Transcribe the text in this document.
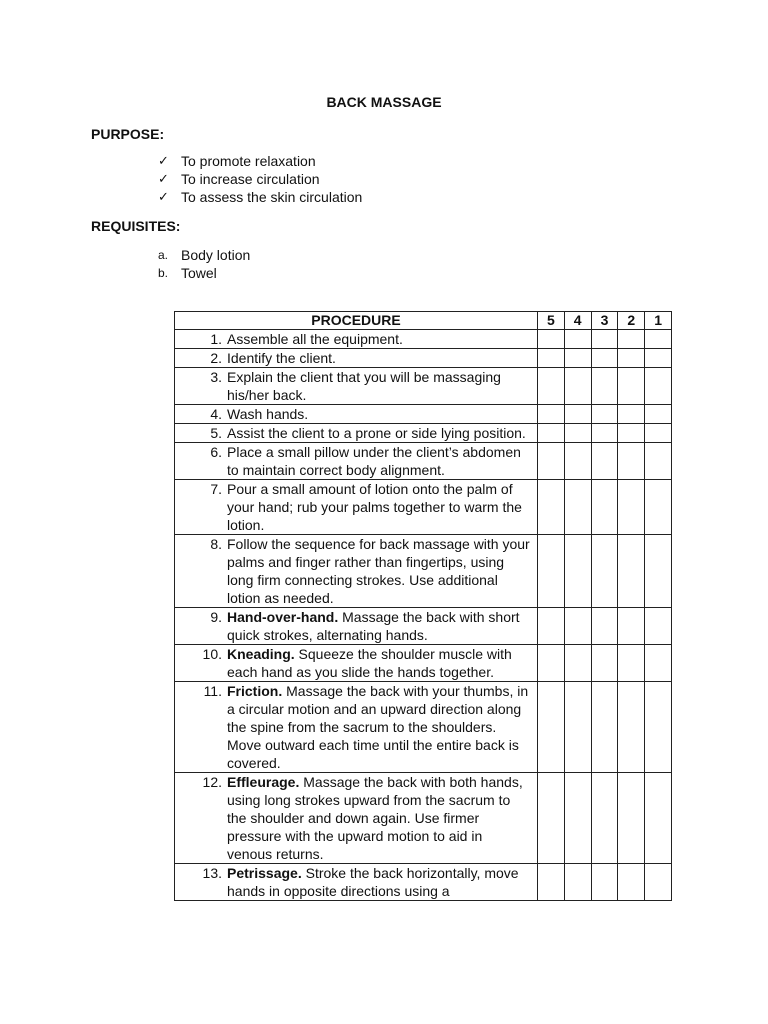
BACK MASSAGE
PURPOSE:
✓ To promote relaxation
✓ To increase circulation
✓ To assess the skin circulation
REQUISITES:
a. Body lotion
b. Towel
PROCEDURE	5	4	3	2	1

1. Assemble all the equipment.					

2. Identify the client.					

3. Explain the client that you will be massaging his/her back.					

4. Wash hands.					

5. Assist the client to a prone or side lying position.					

6. Place a small pillow under the client’s abdomen to maintain correct body alignment.					

7. Pour a small amount of lotion onto the palm of your hand; rub your palms together to warm the lotion.					

8. Follow the sequence for back massage with your palms and finger rather than fingertips, using long firm connecting strokes. Use additional lotion as needed.					

9. Hand-over-hand. Massage the back with short quick strokes, alternating hands.					

10. Kneading. Squeeze the shoulder muscle with each hand as you slide the hands together.					

11. Friction. Massage the back with your thumbs, in a circular motion and an upward direction along the spine from the sacrum to the shoulders. Move outward each time until the entire back is covered.					

12. Effleurage. Massage the back with both hands, using long strokes upward from the sacrum to the shoulder and down again. Use firmer pressure with the upward motion to aid in venous returns.					

13. Petrissage. Stroke the back horizontally, move hands in opposite directions using a					
